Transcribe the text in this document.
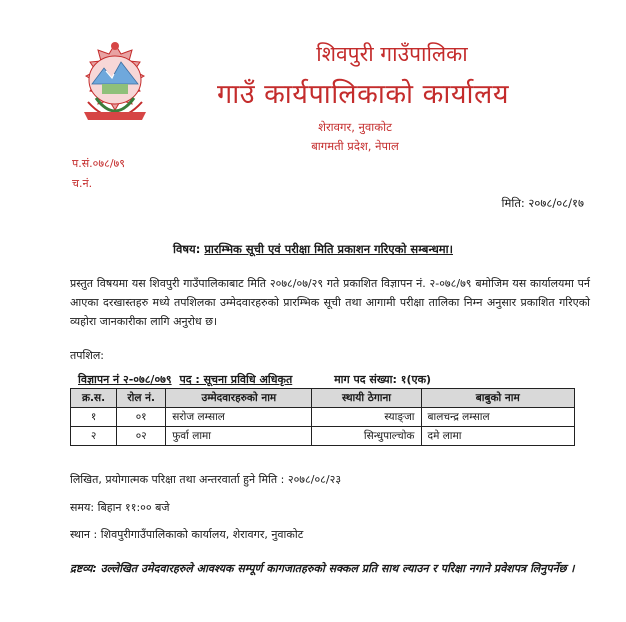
शिवपुरी गाउँपालिका
गाउँ कार्यपालिकाको कार्यालय
शेरावगर, नुवाकोट
बागमती प्रदेश, नेपाल
प.सं.०७८/७९
च.नं.
मिति: २०७८/०८/१७
विषय: प्रारम्भिक सूची एवं परीक्षा मिति प्रकाशन गरिएको सम्बन्धमा।
प्रस्तुत विषयमा यस शिवपुरी गाउँपालिकाबाट मिति २०७८/०७/२९ गते प्रकाशित विज्ञापन नं. २-०७८/७९ बमोजिम यस कार्यालयमा पर्न आएका दरखास्तहरु मध्ये तपशिलका उम्मेदवारहरुको प्रारम्भिक सूची तथा आगामी परीक्षा तालिका निम्न अनुसार प्रकाशित गरिएको व्यहोरा जानकारीका लागि अनुरोध छ।
तपशिल:
विज्ञापन नं २-०७८/०७९ पद : सूचना प्रविधि अधिकृत	माग पद संख्या: १(एक)
क्र.स.	रोल नं.	उम्मेदवारहरुको नाम	स्थायी ठेगाना	बाबुको नाम
१	०१	सरोज लम्साल	स्याङ्जा	बालचन्द्र लम्साल
२	०२	फुर्वा लामा	सिन्धुपाल्चोक	दमे लामा
लिखित, प्रयोगात्मक परिक्षा तथा अन्तरवार्ता हुने मिति : २०७८/०८/२३
समय: बिहान ११:०० बजे
स्थान : शिवपुरीगाउँपालिकाको कार्यालय, शेरावगर, नुवाकोट
द्रष्टव्य: उल्लेखित उमेदवारहरुले आवश्यक सम्पूर्ण कागजातहरुको सक्कल प्रति साथ ल्याउन र परिक्षा नगाने प्रवेशपत्र लिनुपर्नेछ ।
